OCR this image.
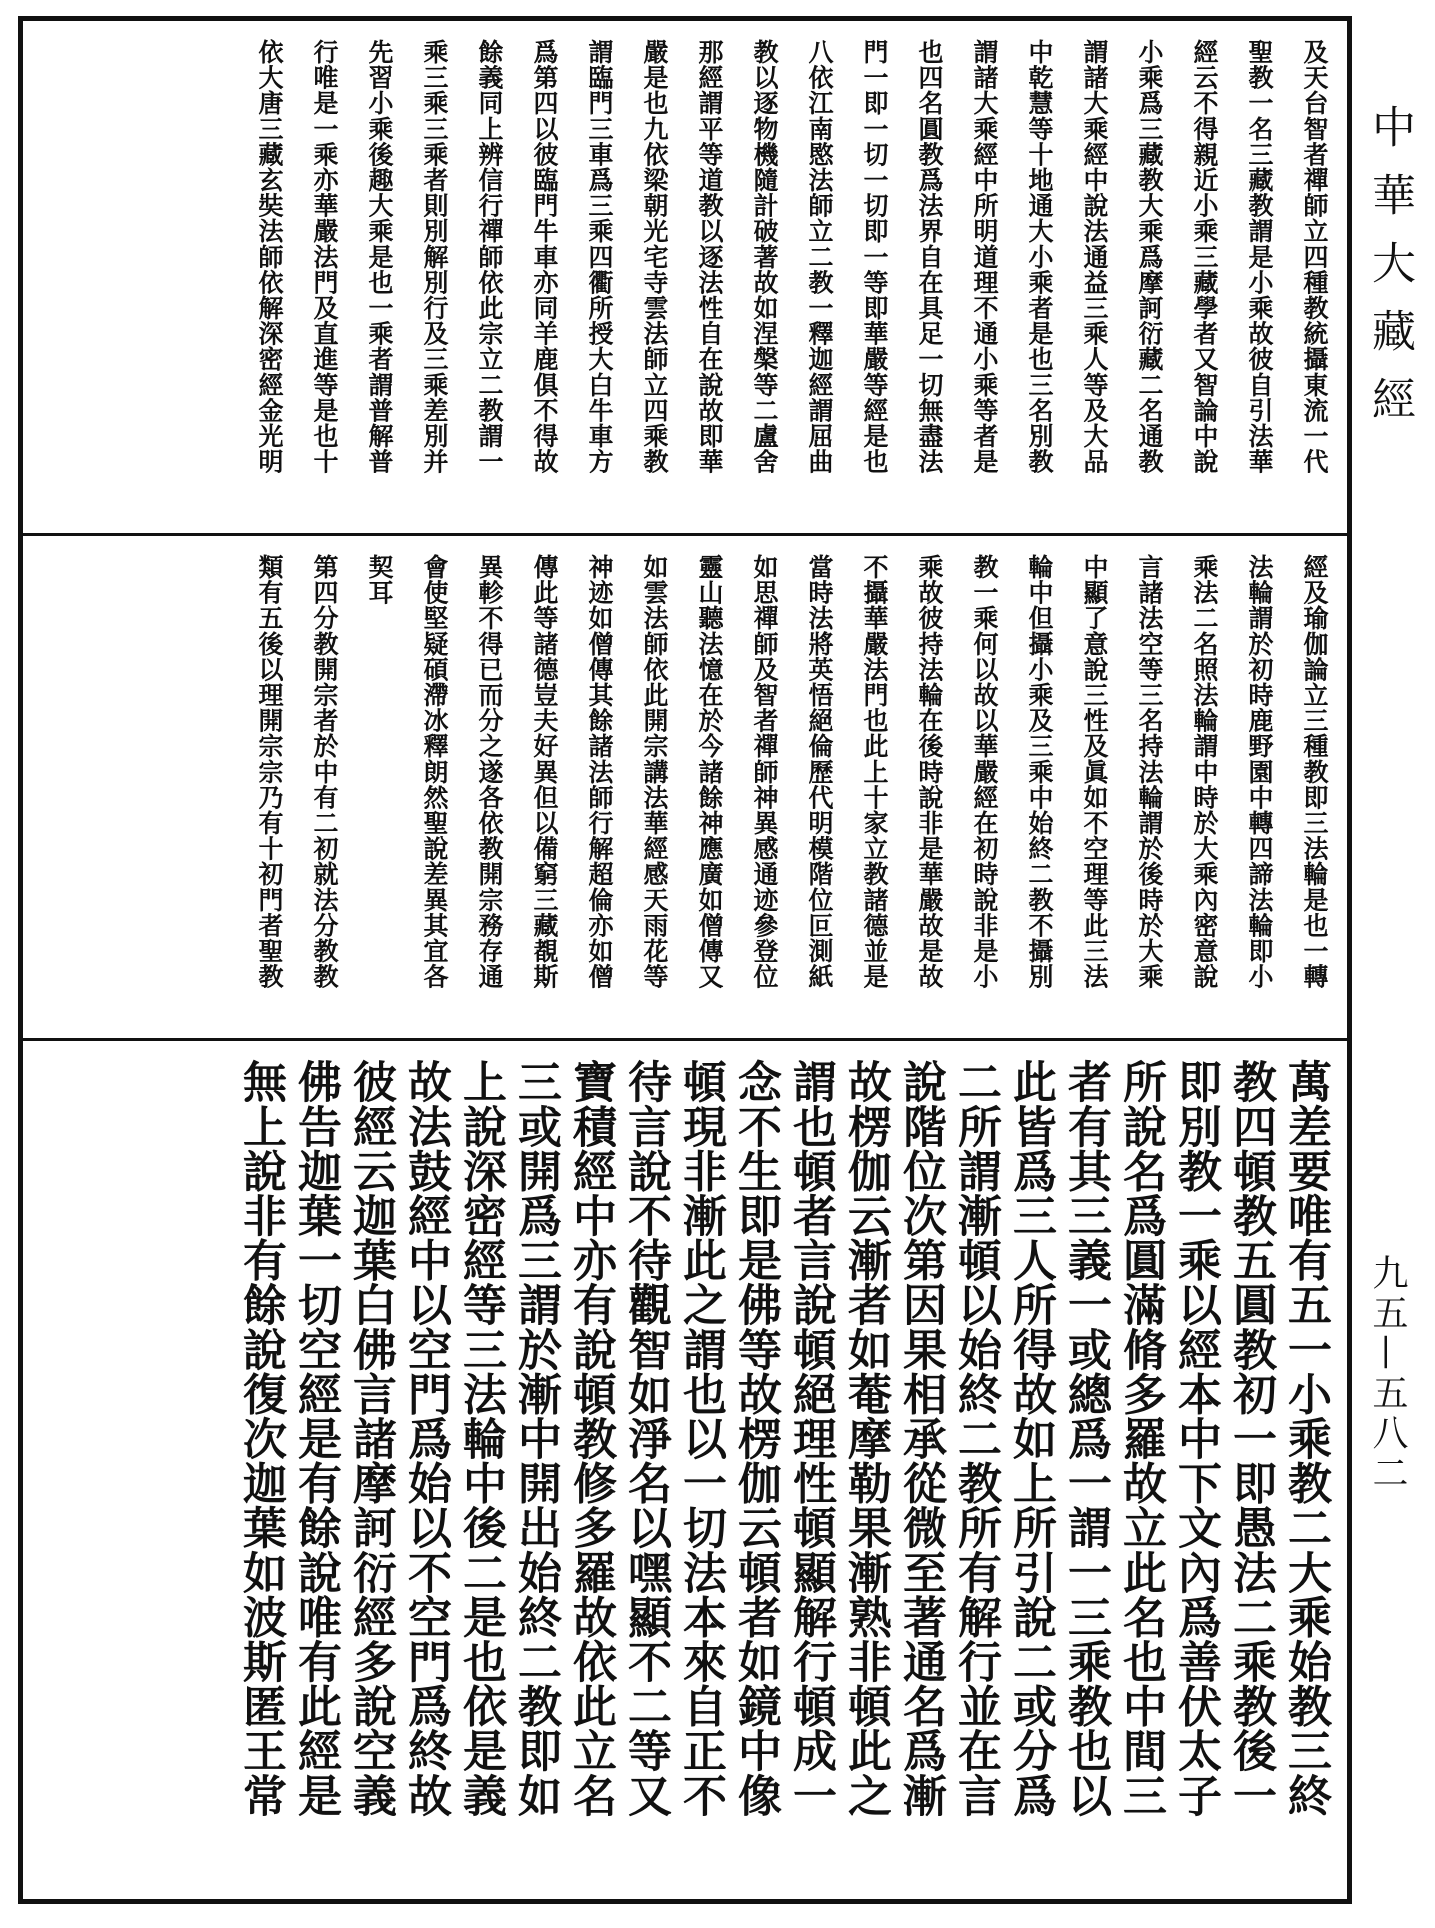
中華大藏經
九五—五八二
及天台智者禪師立四種教統攝東流一代
聖教一名三藏教謂是小乘故彼自引法華
經云不得親近小乘三藏學者又智論中說
小乘爲三藏教大乘爲摩訶衍藏二名通教
謂諸大乘經中說法通益三乘人等及大品
中乾慧等十地通大小乘者是也三名別教
謂諸大乘經中所明道理不通小乘等者是
也四名圓教爲法界自在具足一切無盡法
門一即一切一切即一等即華嚴等經是也
八依江南愍法師立二教一釋迦經謂屈曲
教以逐物機隨計破著故如涅槃等二盧舍
那經謂平等道教以逐法性自在說故即華
嚴是也九依梁朝光宅寺雲法師立四乘教
謂臨門三車爲三乘四衢所授大白牛車方
爲第四以彼臨門牛車亦同羊鹿俱不得故
餘義同上辨信行禪師依此宗立二教謂一
乘三乘三乘者則別解別行及三乘差別并
先習小乘後趣大乘是也一乘者謂普解普
行唯是一乘亦華嚴法門及直進等是也十
依大唐三藏玄奘法師依解深密經金光明
經及瑜伽論立三種教即三法輪是也一轉
法輪謂於初時鹿野園中轉四諦法輪即小
乘法二名照法輪謂中時於大乘內密意說
言諸法空等三名持法輪謂於後時於大乘
中顯了意說三性及眞如不空理等此三法
輪中但攝小乘及三乘中始終二教不攝別
教一乘何以故以華嚴經在初時說非是小
乘故彼持法輪在後時說非是華嚴故是故
不攝華嚴法門也此上十家立教諸德並是
當時法將英悟絕倫歷代明模階位叵測紙
如思禪師及智者禪師神異感通迹參登位
靈山聽法憶在於今諸餘神應廣如僧傳又
如雲法師依此開宗講法華經感天雨花等
神迹如僧傳其餘諸法師行解超倫亦如僧
傳此等諸德豈夫好異但以備窮三藏覩斯
異軫不得已而分之遂各依教開宗務存通
會使堅疑碩滯冰釋朗然聖說差異其宜各
契耳
第四分教開宗者於中有二初就法分教教
類有五後以理開宗宗乃有十初門者聖教
萬差要唯有五一小乘教二大乘始教三終
教四頓教五圓教初一即愚法二乘教後一
即別教一乘以經本中下文內爲善伏太子
所說名爲圓滿脩多羅故立此名也中間三
者有其三義一或總爲一謂一三乘教也以
此皆爲三人所得故如上所引說二或分爲
二所謂漸頓以始終二教所有解行並在言
說階位次第因果相承從微至著通名爲漸
故楞伽云漸者如菴摩勒果漸熟非頓此之
謂也頓者言說頓絕理性頓顯解行頓成一
念不生即是佛等故楞伽云頓者如鏡中像
頓現非漸此之謂也以一切法本來自正不
待言說不待觀智如淨名以嘿顯不二等又
寶積經中亦有說頓教修多羅故依此立名
三或開爲三謂於漸中開出始終二教即如
上說深密經等三法輪中後二是也依是義
故法鼓經中以空門爲始以不空門爲終故
彼經云迦葉白佛言諸摩訶衍經多說空義
佛告迦葉一切空經是有餘說唯有此經是
無上說非有餘說復次迦葉如波斯匿王常
